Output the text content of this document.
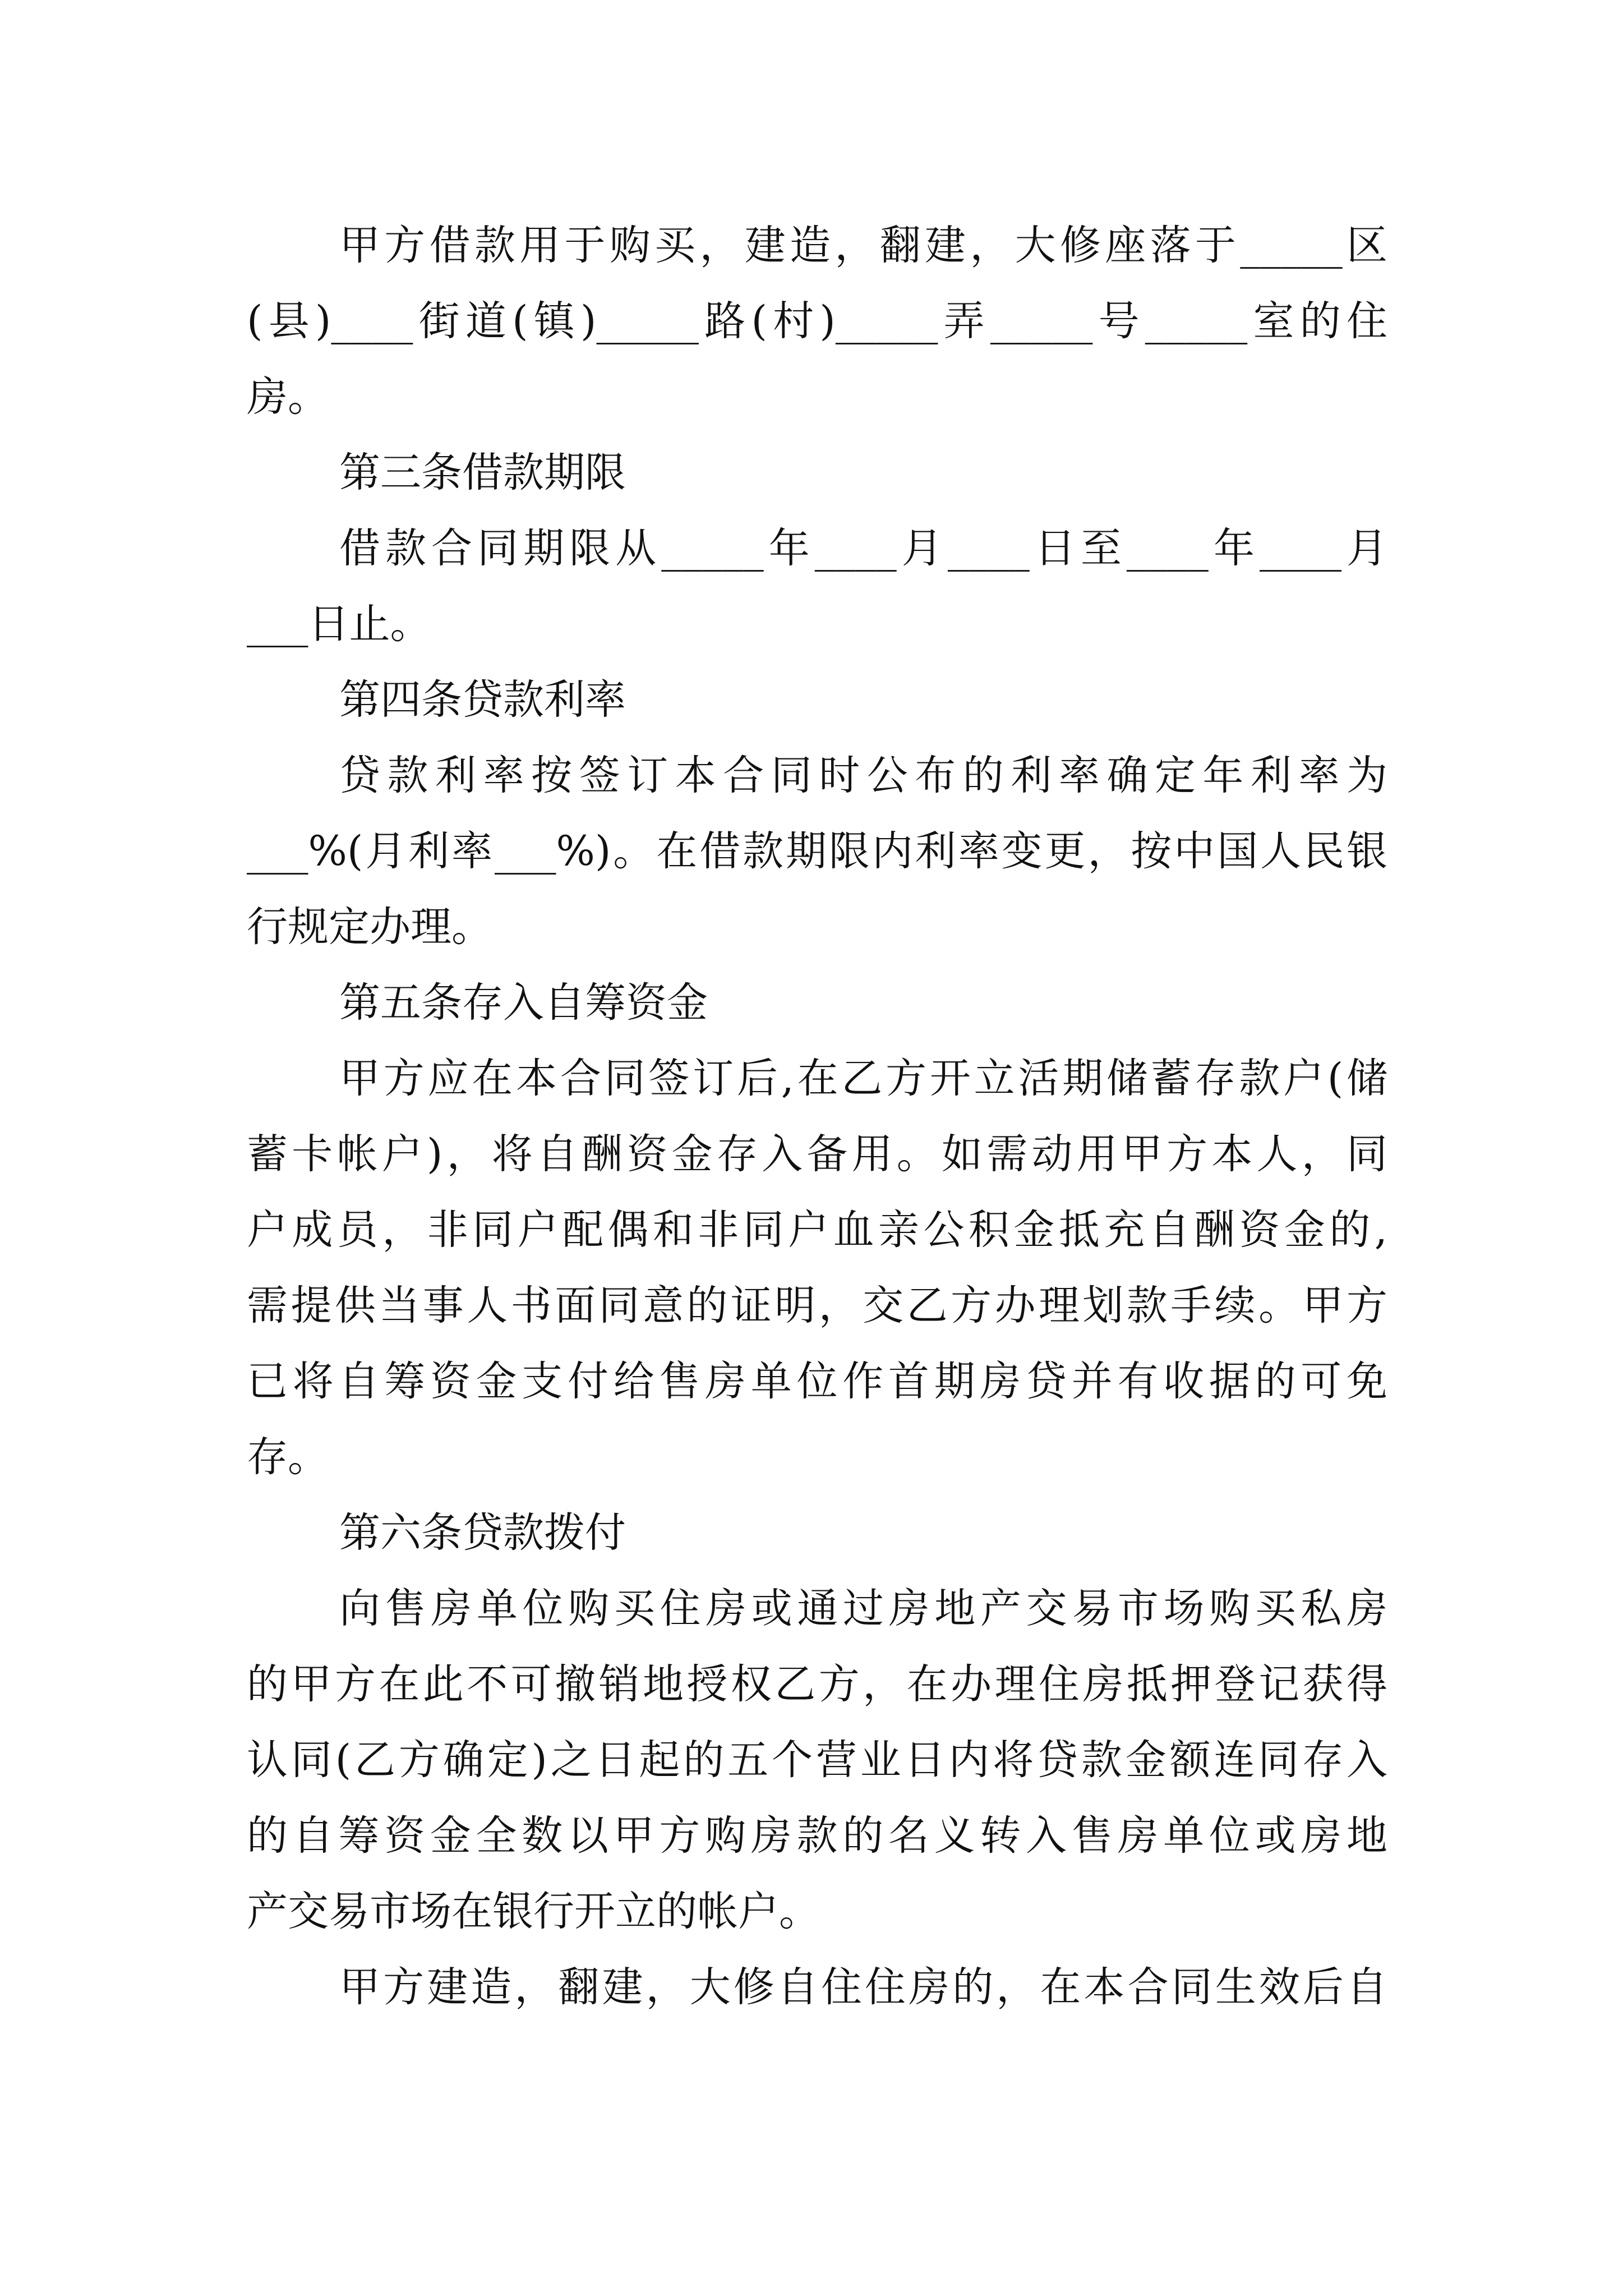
甲方借款用于购买，建造，翻建，大修座落于_____区
(县)____街道(镇)_____路(村)_____弄_____号_____室的住
房。
第三条借款期限
借款合同期限从_____年____月____日至____年____月
___日止。
第四条贷款利率
贷款利率按签订本合同时公布的利率确定年利率为
___%(月利率___%)。在借款期限内利率变更，按中国人民银
行规定办理。
第五条存入自筹资金
甲方应在本合同签订后,在乙方开立活期储蓄存款户(储
蓄卡帐户)，将自酬资金存入备用。如需动用甲方本人，同
户成员，非同户配偶和非同户血亲公积金抵充自酬资金的,
需提供当事人书面同意的证明，交乙方办理划款手续。甲方
已将自筹资金支付给售房单位作首期房贷并有收据的可免
存。
第六条贷款拨付
向售房单位购买住房或通过房地产交易市场购买私房
的甲方在此不可撤销地授权乙方，在办理住房抵押登记获得
认同(乙方确定)之日起的五个营业日内将贷款金额连同存入
的自筹资金全数以甲方购房款的名义转入售房单位或房地
产交易市场在银行开立的帐户。
甲方建造，翻建，大修自住住房的，在本合同生效后自
